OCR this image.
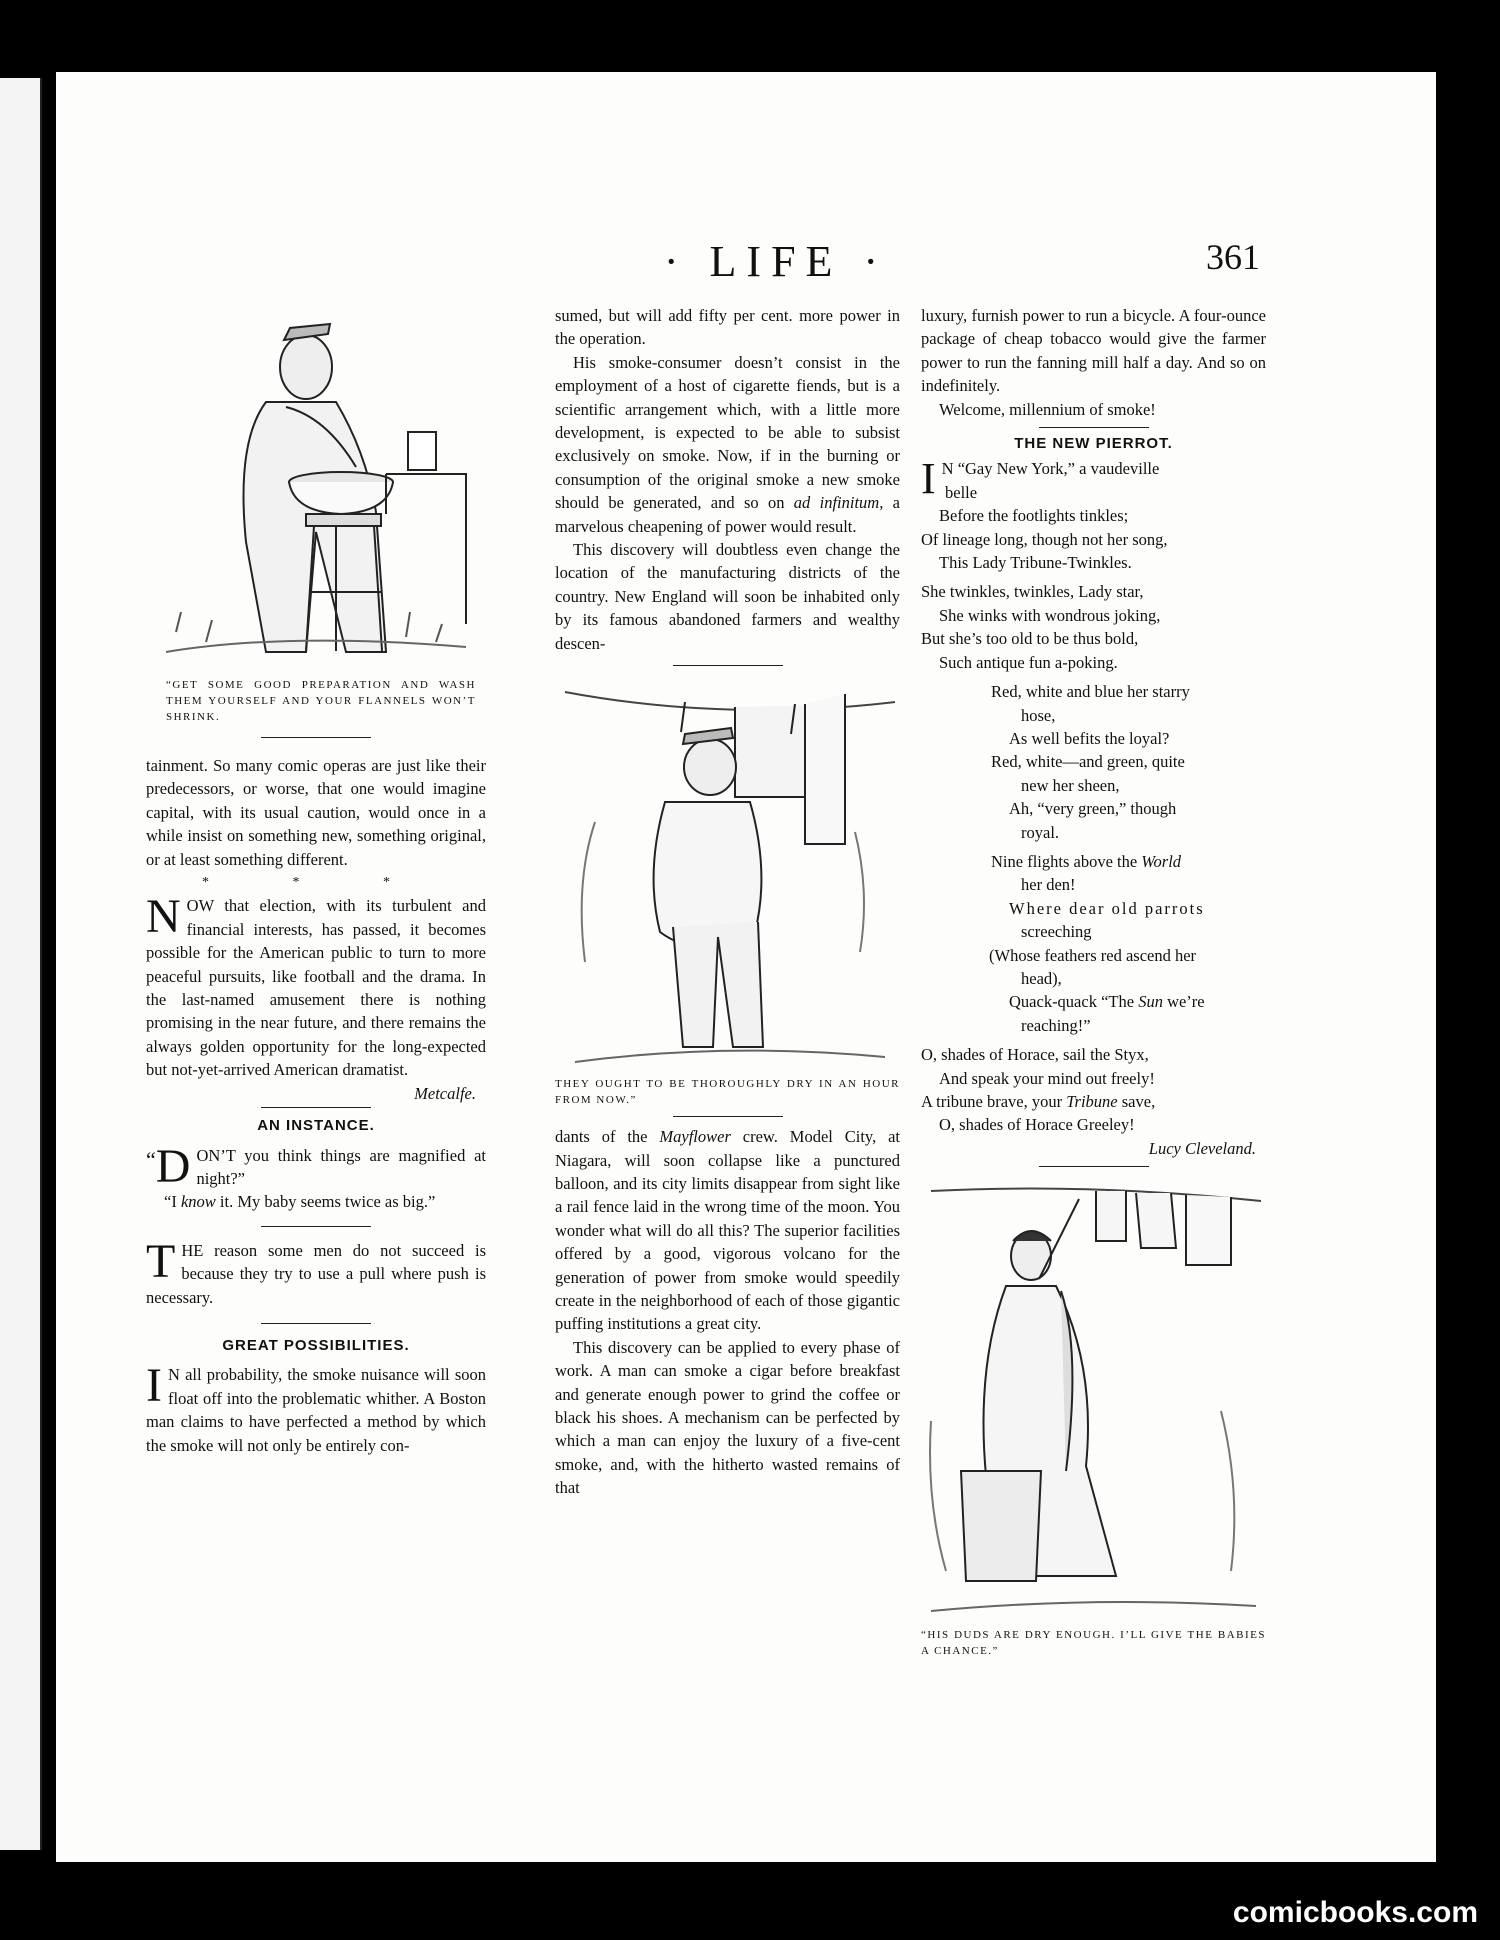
· LIFE ·	361
“GET SOME GOOD PREPARATION AND WASH THEM YOURSELF AND YOUR FLANNELS WON’T SHRINK.

tainment. So many comic operas are just like their predecessors, or worse, that one would imagine capital, with its usual caution, would once in a while insist on something new, something original, or at least something different.

* * *

NOW that election, with its turbulent and financial interests, has passed, it becomes possible for the American public to turn to more peaceful pursuits, like football and the drama. In the last-named amusement there is nothing promising in the near future, and there remains the always golden opportunity for the long-expected but not-yet-arrived American dramatist.

Metcalfe.
AN INSTANCE.

“ D ON’T you think things are magnified at night?”

“I know it. My baby seems twice as big.”

THE reason some men do not succeed is because they try to use a pull where push is necessary.

GREAT POSSIBILITIES.

I N all probability, the smoke nuisance will soon float off into the problematic whither. A Boston man claims to have perfected a method by which the smoke will not only be entirely con-

sumed, but will add fifty per cent. more power in the operation.

His smoke-consumer doesn’t consist in the employment of a host of cigarette fiends, but is a scientific arrangement which, with a little more development, is expected to be able to subsist exclusively on smoke. Now, if in the burning or consumption of the original smoke a new smoke should be generated, and so on ad infinitum, a marvelous cheapening of power would result.

This discovery will doubtless even change the location of the manufacturing districts of the country. New England will soon be inhabited only by its famous abandoned farmers and wealthy descen-

THEY OUGHT TO BE THOROUGHLY DRY IN AN HOUR FROM NOW.”

dants of the Mayflower crew. Model City, at Niagara, will soon collapse like a punctured balloon, and its city limits disappear from sight like a rail fence laid in the wrong time of the moon. You wonder what will do all this? The superior facilities offered by a good, vigorous volcano for the generation of power from smoke would speedily create in the neighborhood of each of those gigantic puffing institutions a great city.

This discovery can be applied to every phase of work. A man can smoke a cigar before breakfast and generate enough power to grind the coffee or black his shoes. A mechanism can be perfected by which a man can enjoy the luxury of a five-cent smoke, and, with the hitherto wasted remains of that

luxury, furnish power to run a bicycle. A four-ounce package of cheap tobacco would give the farmer power to run the fanning mill half a day. And so on indefinitely.

Welcome, millennium of smoke!

THE NEW PIERROT.
I N “Gay New York,” a vaudeville
belle
Before the footlights tinkles;
Of lineage long, though not her song,
This Lady Tribune-Twinkles.
She twinkles, twinkles, Lady star,
She winks with wondrous joking,
But she’s too old to be thus bold,
Such antique fun a-poking.
Red, white and blue her starry
hose,
As well befits the loyal?
Red, white—and green, quite
new her sheen,
Ah, “very green,” though
royal.
Nine flights above the World
her den!
Where dear old parrots
screeching
(Whose feathers red ascend her
head),
Quack-quack “The Sun we’re
reaching!”
O, shades of Horace, sail the Styx,
And speak your mind out freely!
A tribune brave, your Tribune save,
O, shades of Horace Greeley!
Lucy Cleveland.
“HIS DUDS ARE DRY ENOUGH. I’LL GIVE THE BABIES A CHANCE.”
comicbooks.com
